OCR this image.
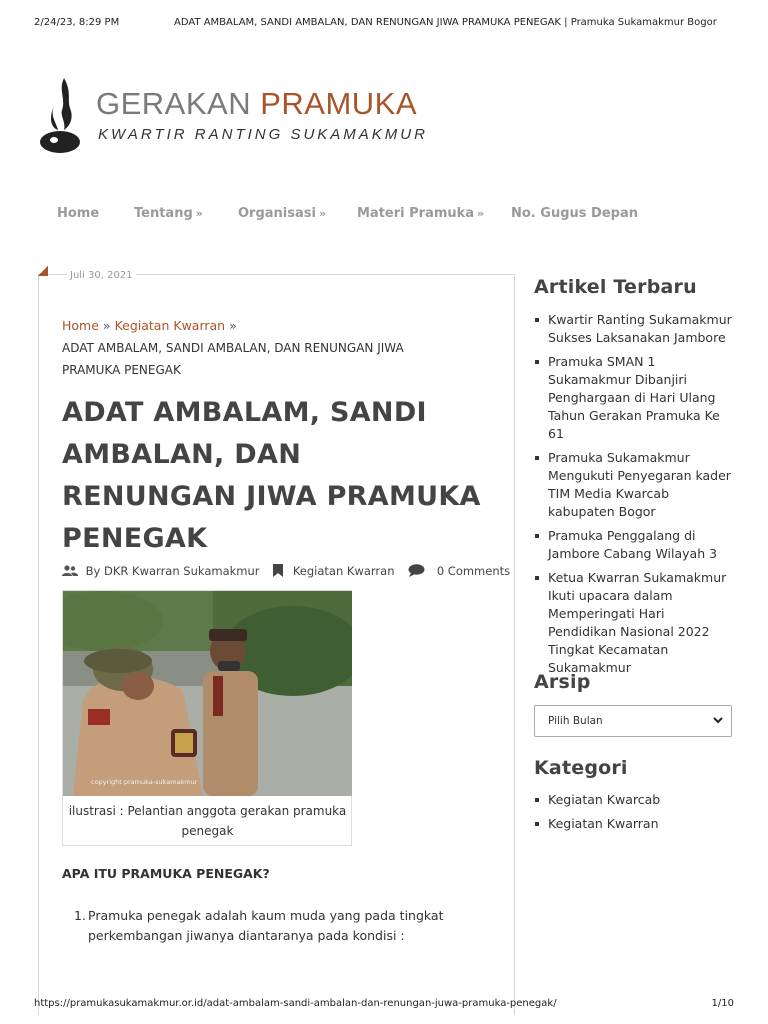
2/24/23, 8:29 PM	ADAT AMBALAM, SANDI AMBALAN, DAN RENUNGAN JIWA PRAMUKA PENEGAK | Pramuka Sukamakmur Bogor
GERAKAN PRAMUKA
KWARTIR RANTING SUKAMAKMUR
Home	Tentang »	Organisasi » Materi Pramuka » No. Gugus Depan
Juli 30, 2021
Home » Kegiatan Kwarran »
ADAT AMBALAM, SANDI AMBALAN, DAN RENUNGAN JIWA PRAMUKA PENEGAK
ADAT AMBALAM, SANDI AMBALAN, DAN RENUNGAN JIWA PRAMUKA PENEGAK
By DKR Kwarran Sukamakmur	Kegiatan Kwarran	0 Comments
copyright pramuka-sukamakmur
ilustrasi : Pelantian anggota gerakan pramuka penegak
APA ITU PRAMUKA PENEGAK?
1. Pramuka penegak adalah kaum muda yang pada tingkat perkembangan jiwanya diantaranya pada kondisi :
Artikel Terbaru
Kwartir Ranting Sukamakmur Sukses Laksanakan Jambore
Pramuka SMAN 1 Sukamakmur Dibanjiri Penghargaan di Hari Ulang Tahun Gerakan Pramuka Ke 61
Pramuka Sukamakmur Mengukuti Penyegaran kader TIM Media Kwarcab kabupaten Bogor
Pramuka Penggalang di Jambore Cabang Wilayah 3
Ketua Kwarran Sukamakmur Ikuti upacara dalam Memperingati Hari Pendidikan Nasional 2022 Tingkat Kecamatan Sukamakmur
Arsip
Pilih Bulan
Kategori
Kegiatan Kwarcab
Kegiatan Kwarran
https://pramukasukamakmur.or.id/adat-ambalam-sandi-ambalan-dan-renungan-juwa-pramuka-penegak/	1/10
